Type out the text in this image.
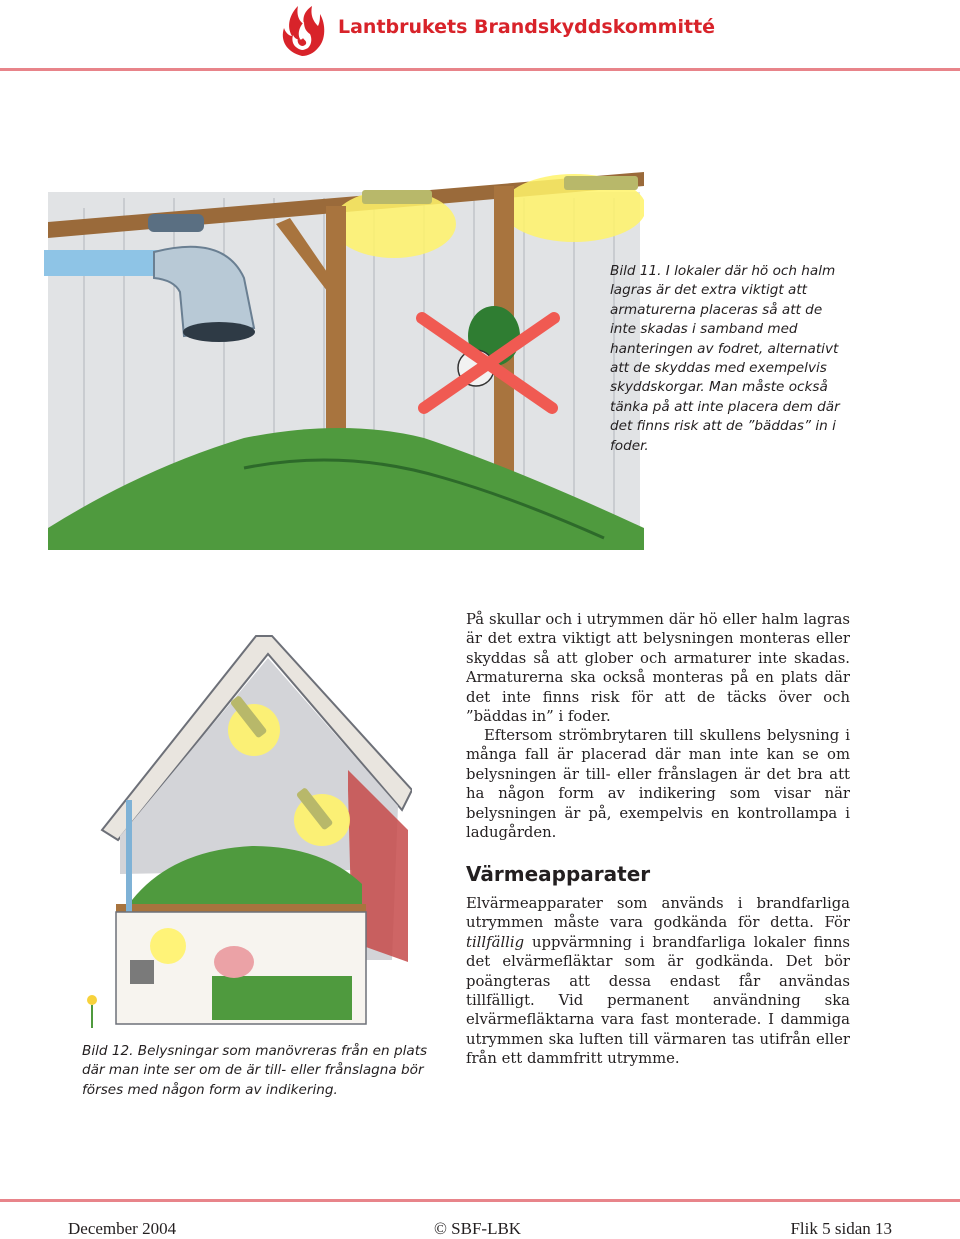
Lantbrukets Brandskyddskommitté

Bild 11. I lokaler där hö och halm lagras är det extra viktigt att armaturerna placeras så att de inte skadas i samband med hanteringen av fodret, alternativt att de skyddas med exempelvis skyddskorgar. Man måste också tänka på att inte placera dem där det finns risk att de ”bäddas” in i foder.

Bild 12. Belysningar som manövreras från en plats där man inte ser om de är till- eller frånslagna bör förses med någon form av indikering.

På skullar och i utrymmen där hö eller halm lagras är det extra viktigt att belysningen monteras eller skyddas så att glober och armaturer inte skadas. Armaturerna ska också monteras på en plats där det inte finns risk för att de täcks över och ”bäddas in” i foder.

Eftersom strömbrytaren till skullens belysning i många fall är placerad där man inte kan se om belysningen är till- eller frånslagen är det bra att ha någon form av indikering som visar när belysningen är på, exempelvis en kontrollampa i ladugården.

Värmeapparater

Elvärmeapparater som används i brandfarliga utrymmen måste vara godkända för detta. För tillfällig uppvärmning i brandfarliga lokaler finns det elvärmefläktar som är godkända. Det bör poängteras att dessa endast får användas tillfälligt. Vid permanent användning ska elvärmefläktarna vara fast monterade. I dammiga utrymmen ska luften till värmaren tas utifrån eller från ett dammfritt utrymme.

December 2004	© SBF-LBK	Flik 5 sidan 13
